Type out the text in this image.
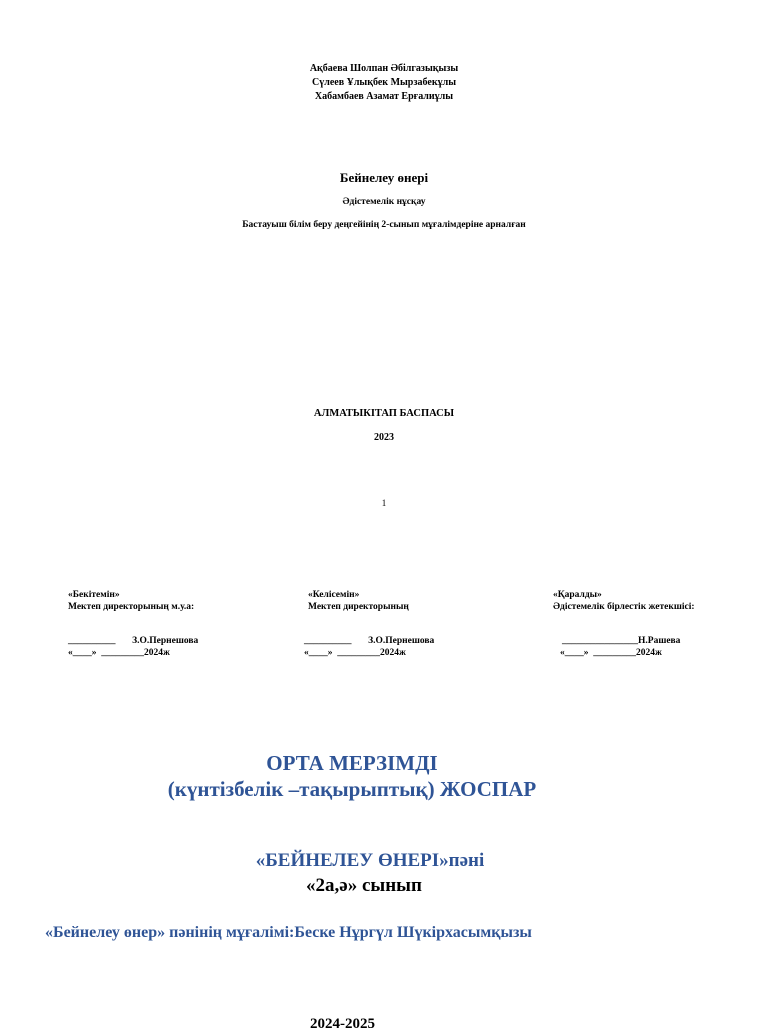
Ақбаева Шолпан Әбілгазықызы
Сүлеев Ұлықбек Мырзабекұлы
Хабамбаев Азамат Ерғалиұлы
Бейнелеу өнері
Әдістемелік нұсқау
Бастауыш білім беру деңгейінің 2-сынып мұғалімдеріне арналған
АЛМАТЫКІТАП БАСПАСЫ
2023
1
«Бекітемін»
Мектеп директорының м.у.а:
__________       З.О.Пернешова
«____»  _________2024ж
«Келісемін»
Мектеп директорының
__________       З.О.Пернешова
«____»  _________2024ж
«Қаралды»
Әдістемелік бірлестік жетекшісі:
________________Н.Рашева
«____»  _________2024ж
ОРТА МЕРЗІМДІ
(күнтізбелік –тақырыптық) ЖОСПАР
«БЕЙНЕЛЕУ ӨНЕРІ»пәні
«2а,ә» сынып
«Бейнелеу өнер» пәнінің мұғалімі:Беске Нұргүл Шүкірхасымқызы
2024-2025
